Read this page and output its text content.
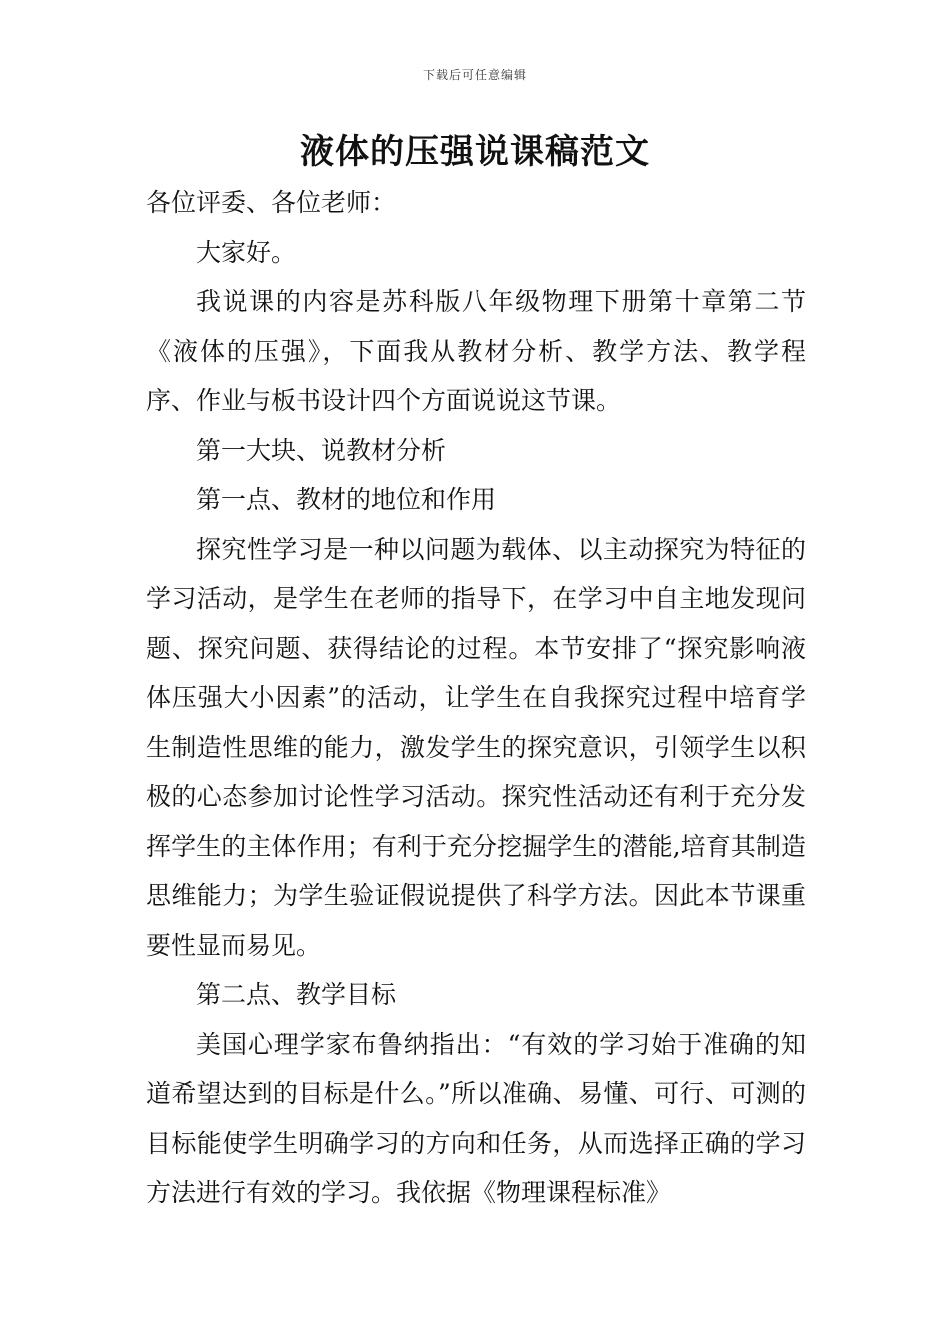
下载后可任意编辑
液体的压强说课稿范文

各位评委、各位老师：

大家好。

我说课的内容是苏科版八年级物理下册第十章第二节《液体的压强》，下面我从教材分析、教学方法、教学程序、作业与板书设计四个方面说说这节课。

第一大块、说教材分析

第一点、教材的地位和作用

探究性学习是一种以问题为载体、以主动探究为特征的学习活动，是学生在老师的指导下，在学习中自主地发现问题、探究问题、获得结论的过程。本节安排了“探究影响液体压强大小因素”的活动，让学生在自我探究过程中培育学生制造性思维的能力，激发学生的探究意识，引领学生以积极的心态参加讨论性学习活动。探究性活动还有利于充分发挥学生的主体作用；有利于充分挖掘学生的潜能,培育其制造思维能力；为学生验证假说提供了科学方法。因此本节课重要性显而易见。

第二点、教学目标

美国心理学家布鲁纳指出：“有效的学习始于准确的知道希望达到的目标是什么。”所以准确、易懂、可行、可测的目标能使学生明确学习的方向和任务，从而选择正确的学习方法进行有效的学习。我依据《物理课程标准》
